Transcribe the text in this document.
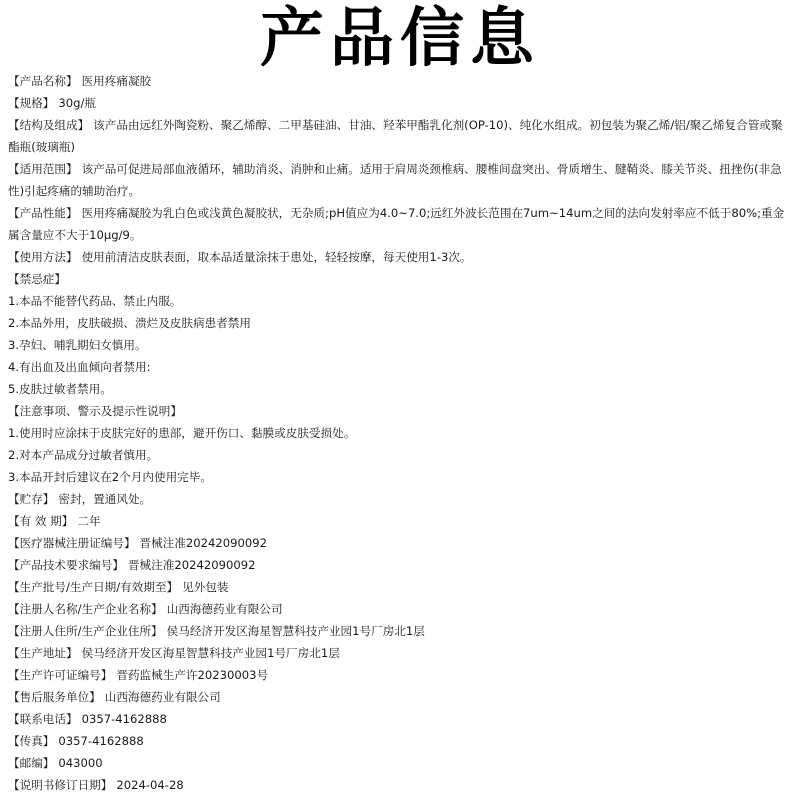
产品信息
【产品名称】 医用疼痛凝胶
【规格】 30g/瓶
【结构及组成】 该产品由远红外陶瓷粉、聚乙烯醇、二甲基硅油、甘油、羟苯甲酯乳化剂(OP-10)、纯化水组成。初包装为聚乙烯/铝/聚乙烯复合管或聚酯瓶(玻璃瓶)
【适用范围】 该产品可促进局部血液循环，辅助消炎、消肿和止痛。适用于肩周炎颈椎病、腰椎间盘突出、骨质增生、腱鞘炎、膝关节炎、扭挫伤(非急性)引起疼痛的辅助治疗。
【产品性能】 医用疼痛凝胶为乳白色或浅黄色凝胶状，无杂质;pH值应为4.0~7.0;远红外波长范围在7um~14um之间的法向发射率应不低于80%;重金属含量应不大于10μg/9。
【使用方法】 使用前清洁皮肤表面，取本品适量涂抹于患处，轻轻按摩，每天使用1-3次。
【禁忌症】
1.本品不能替代药品、禁止内服。
2.本品外用，皮肤破损、溃烂及皮肤病患者禁用
3.孕妇、哺乳期妇女慎用。
4.有出血及出血倾向者禁用:
5.皮肤过敏者禁用。
【注意事项、警示及提示性说明】
1.使用时应涂抹于皮肤完好的患部，避开伤口、黏膜或皮肤受损处。
2.对本产品成分过敏者慎用。
3.本品开封后建议在2个月内使用完毕。
【贮存】 密封，置通风处。
【有 效 期】 二年
【医疗器械注册证编号】 晋械注准20242090092
【产品技术要求编号】 晋械注准20242090092
【生产批号/生产日期/有效期至】 见外包装
【注册人名称/生产企业名称】 山西海德药业有限公司
【注册人住所/生产企业住所】 侯马经济开发区海星智慧科技产业园1号厂房北1层
【生产地址】 侯马经济开发区海星智慧科技产业园1号厂房北1层
【生产许可证编号】 晋药监械生产许20230003号
【售后服务单位】 山西海德药业有限公司
【联系电话】 0357-4162888
【传真】 0357-4162888
【邮编】 043000
【说明书修订日期】 2024-04-28
